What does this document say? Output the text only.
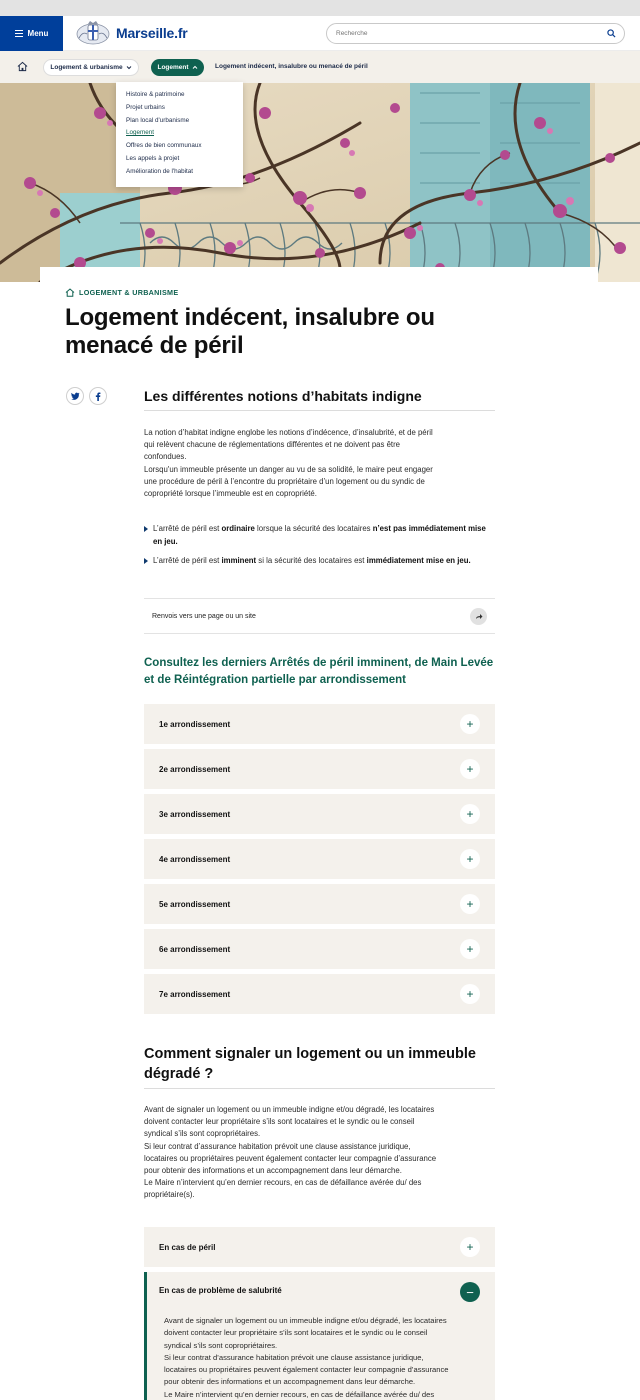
Menu	Marseille.fr
Recherche
Logement & urbanisme	Logement	Logement indécent, insalubre ou menacé de péril
Histoire & patrimoine
Projet urbains
Plan local d'urbanisme
Logement
Offres de bien communaux
Les appels à projet
Amélioration de l'habitat
LOGEMENT & URBANISME
Logement indécent, insalubre ou menacé de péril
Les différentes notions d’habitats indigne

La notion d’habitat indigne englobe les notions d’indécence, d’insalubrité, et de péril

qui relèvent chacune de réglementations différentes et ne doivent pas être

confondues.

Lorsqu'un immeuble présente un danger au vu de sa solidité, le maire peut engager

une procédure de péril à l’encontre du propriétaire d’un logement ou du syndic de

copropriété lorsque l’immeuble est en copropriété.

L’arrêté de péril est ordinaire lorsque la sécurité des locataires n’est pas immédiatement mise en jeu.
L’arrêté de péril est imminent si la sécurité des locataires est immédiatement mise en jeu.
Renvois vers une page ou un site
Consultez les derniers Arrêtés de péril imminent, de Main Levée et de Réintégration partielle par arrondissement
1e arrondissement	+
2e arrondissement	+
3e arrondissement	+
4e arrondissement	+
5e arrondissement	+
6e arrondissement	+
7e arrondissement	+
Comment signaler un logement ou un immeuble dégradé ?

Avant de signaler un logement ou un immeuble indigne et/ou dégradé, les locataires

doivent contacter leur propriétaire s’ils sont locataires et le syndic ou le conseil

syndical s’ils sont copropriétaires.

Si leur contrat d’assurance habitation prévoit une clause assistance juridique,

locataires ou propriétaires peuvent également contacter leur compagnie d’assurance

pour obtenir des informations et un accompagnement dans leur démarche.

Le Maire n’intervient qu’en dernier recours, en cas de défaillance avérée du/ des

propriétaire(s).

En cas de péril	+
En cas de problème de salubrité	−

Avant de signaler un logement ou un immeuble indigne et/ou dégradé, les locataires

doivent contacter leur propriétaire s’ils sont locataires et le syndic ou le conseil

syndical s’ils sont copropriétaires.

Si leur contrat d’assurance habitation prévoit une clause assistance juridique,

locataires ou propriétaires peuvent également contacter leur compagnie d’assurance

pour obtenir des informations et un accompagnement dans leur démarche.

Le Maire n’intervient qu’en dernier recours, en cas de défaillance avérée du/ des
